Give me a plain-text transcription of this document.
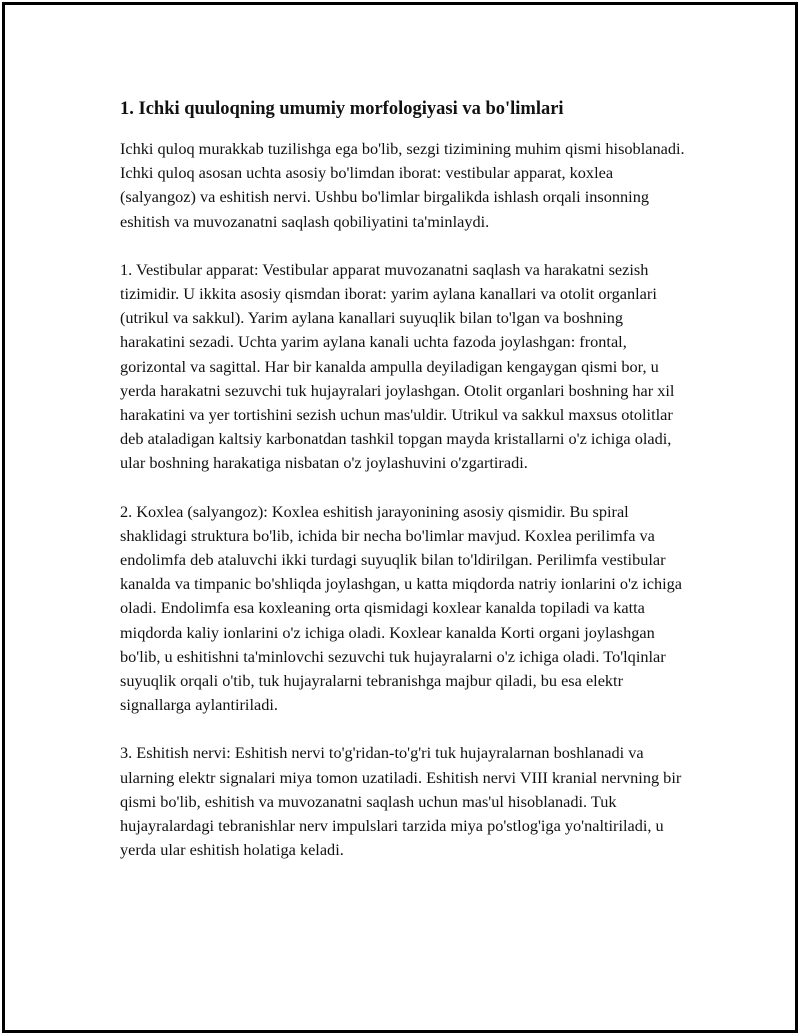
1. Ichki quuloqning umumiy morfologiyasi va bo'limlari

Ichki quloq murakkab tuzilishga ega bo'lib, sezgi tizimining muhim qismi hisoblanadi. Ichki quloq asosan uchta asosiy bo'limdan iborat: vestibular apparat, koxlea (salyangoz) va eshitish nervi. Ushbu bo'limlar birgalikda ishlash orqali insonning eshitish va muvozanatni saqlash qobiliyatini ta'minlaydi.

1. Vestibular apparat: Vestibular apparat muvozanatni saqlash va harakatni sezish tizimidir. U ikkita asosiy qismdan iborat: yarim aylana kanallari va otolit organlari (utrikul va sakkul). Yarim aylana kanallari suyuqlik bilan to'lgan va boshning harakatini sezadi. Uchta yarim aylana kanali uchta fazoda joylashgan: frontal, gorizontal va sagittal. Har bir kanalda ampulla deyiladigan kengaygan qismi bor, u yerda harakatni sezuvchi tuk hujayralari joylashgan. Otolit organlari boshning har xil harakatini va yer tortishini sezish uchun mas'uldir. Utrikul va sakkul maxsus otolitlar deb ataladigan kaltsiy karbonatdan tashkil topgan mayda kristallarni o'z ichiga oladi, ular boshning harakatiga nisbatan o'z joylashuvini o'zgartiradi.

2. Koxlea (salyangoz): Koxlea eshitish jarayonining asosiy qismidir. Bu spiral shaklidagi struktura bo'lib, ichida bir necha bo'limlar mavjud. Koxlea perilimfa va endolimfa deb ataluvchi ikki turdagi suyuqlik bilan to'ldirilgan. Perilimfa vestibular kanalda va timpanic bo'shliqda joylashgan, u katta miqdorda natriy ionlarini o'z ichiga oladi. Endolimfa esa koxleaning orta qismidagi koxlear kanalda topiladi va katta miqdorda kaliy ionlarini o'z ichiga oladi. Koxlear kanalda Korti organi joylashgan bo'lib, u eshitishni ta'minlovchi sezuvchi tuk hujayralarni o'z ichiga oladi. To'lqinlar suyuqlik orqali o'tib, tuk hujayralarni tebranishga majbur qiladi, bu esa elektr signallarga aylantiriladi.

3. Eshitish nervi: Eshitish nervi to'g'ridan-to'g'ri tuk hujayralarnan boshlanadi va ularning elektr signalari miya tomon uzatiladi. Eshitish nervi VIII kranial nervning bir qismi bo'lib, eshitish va muvozanatni saqlash uchun mas'ul hisoblanadi. Tuk hujayralardagi tebranishlar nerv impulslari tarzida miya po'stlog'iga yo'naltiriladi, u yerda ular eshitish holatiga keladi.
